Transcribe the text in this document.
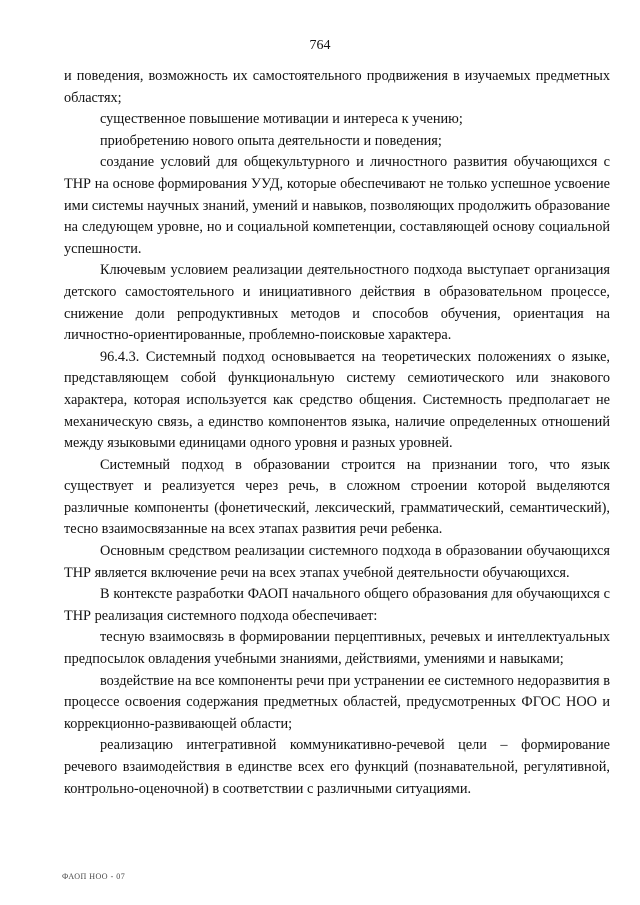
764

и поведения, возможность их самостоятельного продвижения в изучаемых предметных областях;

существенное повышение мотивации и интереса к учению;

приобретению нового опыта деятельности и поведения;

создание условий для общекультурного и личностного развития обучающихся с ТНР на основе формирования УУД, которые обеспечивают не только успешное усвоение ими системы научных знаний, умений и навыков, позволяющих продолжить образование на следующем уровне, но и социальной компетенции, составляющей основу социальной успешности.

Ключевым условием реализации деятельностного подхода выступает организация детского самостоятельного и инициативного действия в образовательном процессе, снижение доли репродуктивных методов и способов обучения, ориентация на личностно-ориентированные, проблемно-поисковые характера.

96.4.3. Системный подход основывается на теоретических положениях о языке, представляющем собой функциональную систему семиотического или знакового характера, которая используется как средство общения. Системность предполагает не механическую связь, а единство компонентов языка, наличие определенных отношений между языковыми единицами одного уровня и разных уровней.

Системный подход в образовании строится на признании того, что язык существует и реализуется через речь, в сложном строении которой выделяются различные компоненты (фонетический, лексический, грамматический, семантический), тесно взаимосвязанные на всех этапах развития речи ребенка.

Основным средством реализации системного подхода в образовании обучающихся ТНР является включение речи на всех этапах учебной деятельности обучающихся.

В контексте разработки ФАОП начального общего образования для обучающихся с ТНР реализация системного подхода обеспечивает:

тесную взаимосвязь в формировании перцептивных, речевых и интеллектуальных предпосылок овладения учебными знаниями, действиями, умениями и навыками;

воздействие на все компоненты речи при устранении ее системного недоразвития в процессе освоения содержания предметных областей, предусмотренных ФГОС НОО и коррекционно-развивающей области;

реализацию интегративной коммуникативно-речевой цели – формирование речевого взаимодействия в единстве всех его функций (познавательной, регулятивной, контрольно-оценочной) в соответствии с различными ситуациями.

ФАОП НОО - 07
